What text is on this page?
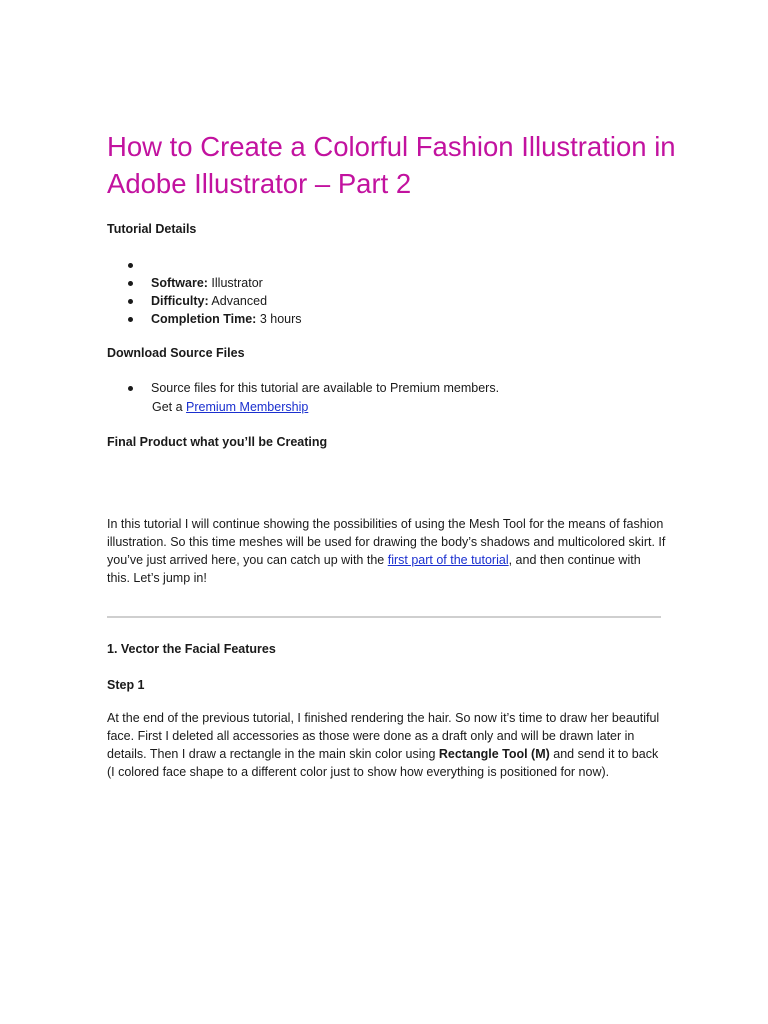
How to Create a Colorful Fashion Illustration in Adobe Illustrator – Part 2

Tutorial Details

Software: Illustrator
Difficulty: Advanced
Completion Time: 3 hours

Download Source Files

Source files for this tutorial are available to Premium members.
Get a Premium Membership

Final Product what you’ll be Creating

In this tutorial I will continue showing the possibilities of using the Mesh Tool for the means of fashion illustration. So this time meshes will be used for drawing the body’s shadows and multicolored skirt. If you’ve just arrived here, you can catch up with the first part of the tutorial, and then continue with this. Let’s jump in!

1. Vector the Facial Features

Step 1

At the end of the previous tutorial, I finished rendering the hair. So now it’s time to draw her beautiful face. First I deleted all accessories as those were done as a draft only and will be drawn later in details. Then I draw a rectangle in the main skin color using Rectangle Tool (M) and send it to back (I colored face shape to a different color just to show how everything is positioned for now).
